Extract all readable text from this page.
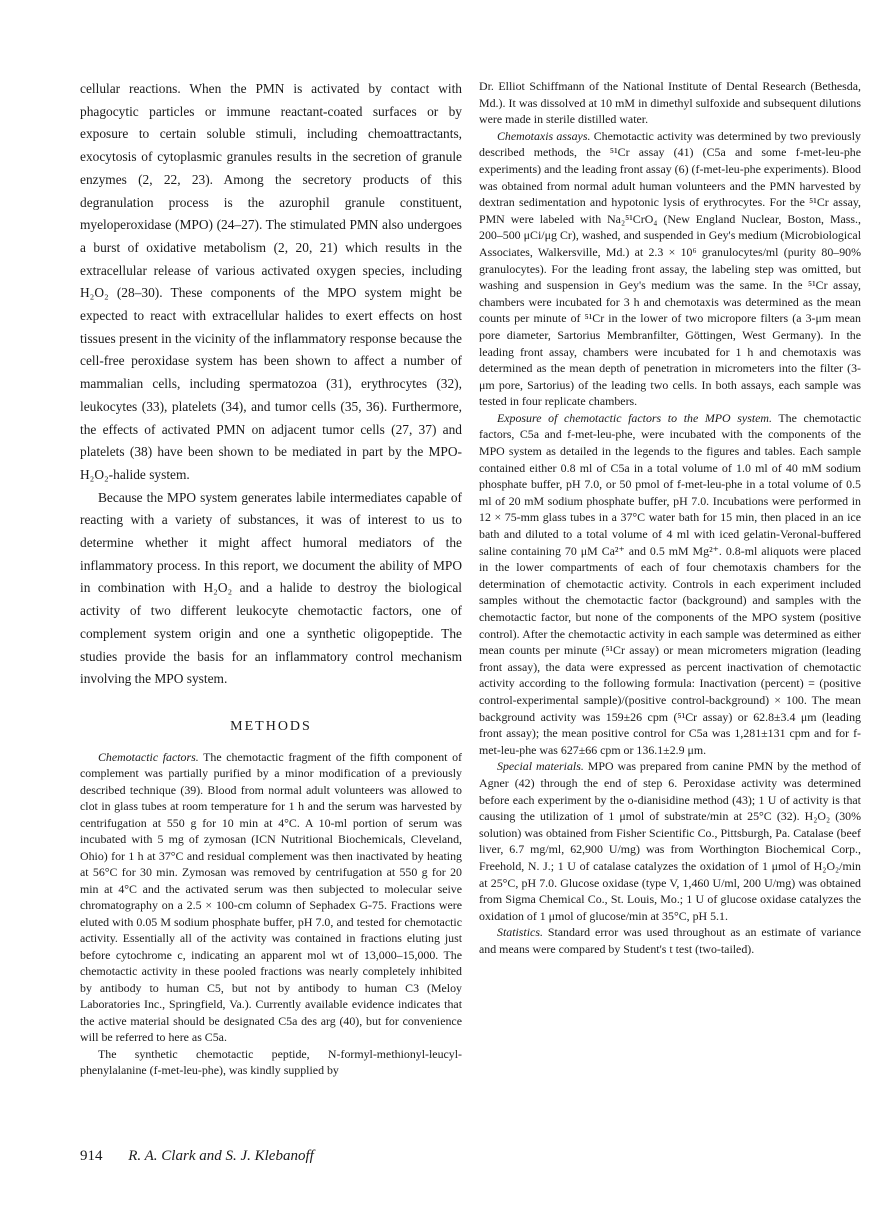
cellular reactions. When the PMN is activated by contact with phagocytic particles or immune reactant-coated surfaces or by exposure to certain soluble stimuli, including chemoattractants, exocytosis of cytoplasmic granules results in the secretion of granule enzymes (2, 22, 23). Among the secretory products of this degranulation process is the azurophil granule constituent, myeloperoxidase (MPO) (24–27). The stimulated PMN also undergoes a burst of oxidative metabolism (2, 20, 21) which results in the extracellular release of various activated oxygen species, including H₂O₂ (28–30). These components of the MPO system might be expected to react with extracellular halides to exert effects on host tissues present in the vicinity of the inflammatory response because the cell-free peroxidase system has been shown to affect a number of mammalian cells, including spermatozoa (31), erythrocytes (32), leukocytes (33), platelets (34), and tumor cells (35, 36). Furthermore, the effects of activated PMN on adjacent tumor cells (27, 37) and platelets (38) have been shown to be mediated in part by the MPO-H₂O₂-halide system.

Because the MPO system generates labile intermediates capable of reacting with a variety of substances, it was of interest to us to determine whether it might affect humoral mediators of the inflammatory process. In this report, we document the ability of MPO in combination with H₂O₂ and a halide to destroy the biological activity of two different leukocyte chemotactic factors, one of complement system origin and one a synthetic oligopeptide. The studies provide the basis for an inflammatory control mechanism involving the MPO system.

METHODS

Chemotactic factors. The chemotactic fragment of the fifth component of complement was partially purified by a minor modification of a previously described technique (39). Blood from normal adult volunteers was allowed to clot in glass tubes at room temperature for 1 h and the serum was harvested by centrifugation at 550 g for 10 min at 4°C. A 10-ml portion of serum was incubated with 5 mg of zymosan (ICN Nutritional Biochemicals, Cleveland, Ohio) for 1 h at 37°C and residual complement was then inactivated by heating at 56°C for 30 min. Zymosan was removed by centrifugation at 550 g for 20 min at 4°C and the activated serum was then subjected to molecular seive chromatography on a 2.5 × 100-cm column of Sephadex G-75. Fractions were eluted with 0.05 M sodium phosphate buffer, pH 7.0, and tested for chemotactic activity. Essentially all of the activity was contained in fractions eluting just before cytochrome c, indicating an apparent mol wt of 13,000–15,000. The chemotactic activity in these pooled fractions was nearly completely inhibited by antibody to human C5, but not by antibody to human C3 (Meloy Laboratories Inc., Springfield, Va.). Currently available evidence indicates that the active material should be designated C5a des arg (40), but for convenience will be referred to here as C5a.

The synthetic chemotactic peptide, N-formyl-methionyl-leucyl-phenylalanine (f-met-leu-phe), was kindly supplied by

Dr. Elliot Schiffmann of the National Institute of Dental Research (Bethesda, Md.). It was dissolved at 10 mM in dimethyl sulfoxide and subsequent dilutions were made in sterile distilled water.

Chemotaxis assays. Chemotactic activity was determined by two previously described methods, the ⁵¹Cr assay (41) (C5a and some f-met-leu-phe experiments) and the leading front assay (6) (f-met-leu-phe experiments). Blood was obtained from normal adult human volunteers and the PMN harvested by dextran sedimentation and hypotonic lysis of erythrocytes. For the ⁵¹Cr assay, PMN were labeled with Na₂⁵¹CrO₄ (New England Nuclear, Boston, Mass., 200–500 μCi/μg Cr), washed, and suspended in Gey's medium (Microbiological Associates, Walkersville, Md.) at 2.3 × 10⁶ granulocytes/ml (purity 80–90% granulocytes). For the leading front assay, the labeling step was omitted, but washing and suspension in Gey's medium was the same. In the ⁵¹Cr assay, chambers were incubated for 3 h and chemotaxis was determined as the mean counts per minute of ⁵¹Cr in the lower of two micropore filters (a 3-μm mean pore diameter, Sartorius Membranfilter, Göttingen, West Germany). In the leading front assay, chambers were incubated for 1 h and chemotaxis was determined as the mean depth of penetration in micrometers into the filter (3-μm pore, Sartorius) of the leading two cells. In both assays, each sample was tested in four replicate chambers.

Exposure of chemotactic factors to the MPO system. The chemotactic factors, C5a and f-met-leu-phe, were incubated with the components of the MPO system as detailed in the legends to the figures and tables. Each sample contained either 0.8 ml of C5a in a total volume of 1.0 ml of 40 mM sodium phosphate buffer, pH 7.0, or 50 pmol of f-met-leu-phe in a total volume of 0.5 ml of 20 mM sodium phosphate buffer, pH 7.0. Incubations were performed in 12 × 75-mm glass tubes in a 37°C water bath for 15 min, then placed in an ice bath and diluted to a total volume of 4 ml with iced gelatin-Veronal-buffered saline containing 70 μM Ca²⁺ and 0.5 mM Mg²⁺. 0.8-ml aliquots were placed in the lower compartments of each of four chemotaxis chambers for the determination of chemotactic activity. Controls in each experiment included samples without the chemotactic factor (background) and samples with the chemotactic factor, but none of the components of the MPO system (positive control). After the chemotactic activity in each sample was determined as either mean counts per minute (⁵¹Cr assay) or mean micrometers migration (leading front assay), the data were expressed as percent inactivation of chemotactic activity according to the following formula: Inactivation (percent) = (positive control-experimental sample)/(positive control-background) × 100. The mean background activity was 159±26 cpm (⁵¹Cr assay) or 62.8±3.4 μm (leading front assay); the mean positive control for C5a was 1,281±131 cpm and for f-met-leu-phe was 627±66 cpm or 136.1±2.9 μm.

Special materials. MPO was prepared from canine PMN by the method of Agner (42) through the end of step 6. Peroxidase activity was determined before each experiment by the o-dianisidine method (43); 1 U of activity is that causing the utilization of 1 μmol of substrate/min at 25°C (32). H₂O₂ (30% solution) was obtained from Fisher Scientific Co., Pittsburgh, Pa. Catalase (beef liver, 6.7 mg/ml, 62,900 U/mg) was from Worthington Biochemical Corp., Freehold, N. J.; 1 U of catalase catalyzes the oxidation of 1 μmol of H₂O₂/min at 25°C, pH 7.0. Glucose oxidase (type V, 1,460 U/ml, 200 U/mg) was obtained from Sigma Chemical Co., St. Louis, Mo.; 1 U of glucose oxidase catalyzes the oxidation of 1 μmol of glucose/min at 35°C, pH 5.1.

Statistics. Standard error was used throughout as an estimate of variance and means were compared by Student's t test (two-tailed).

914 R. A. Clark and S. J. Klebanoff
